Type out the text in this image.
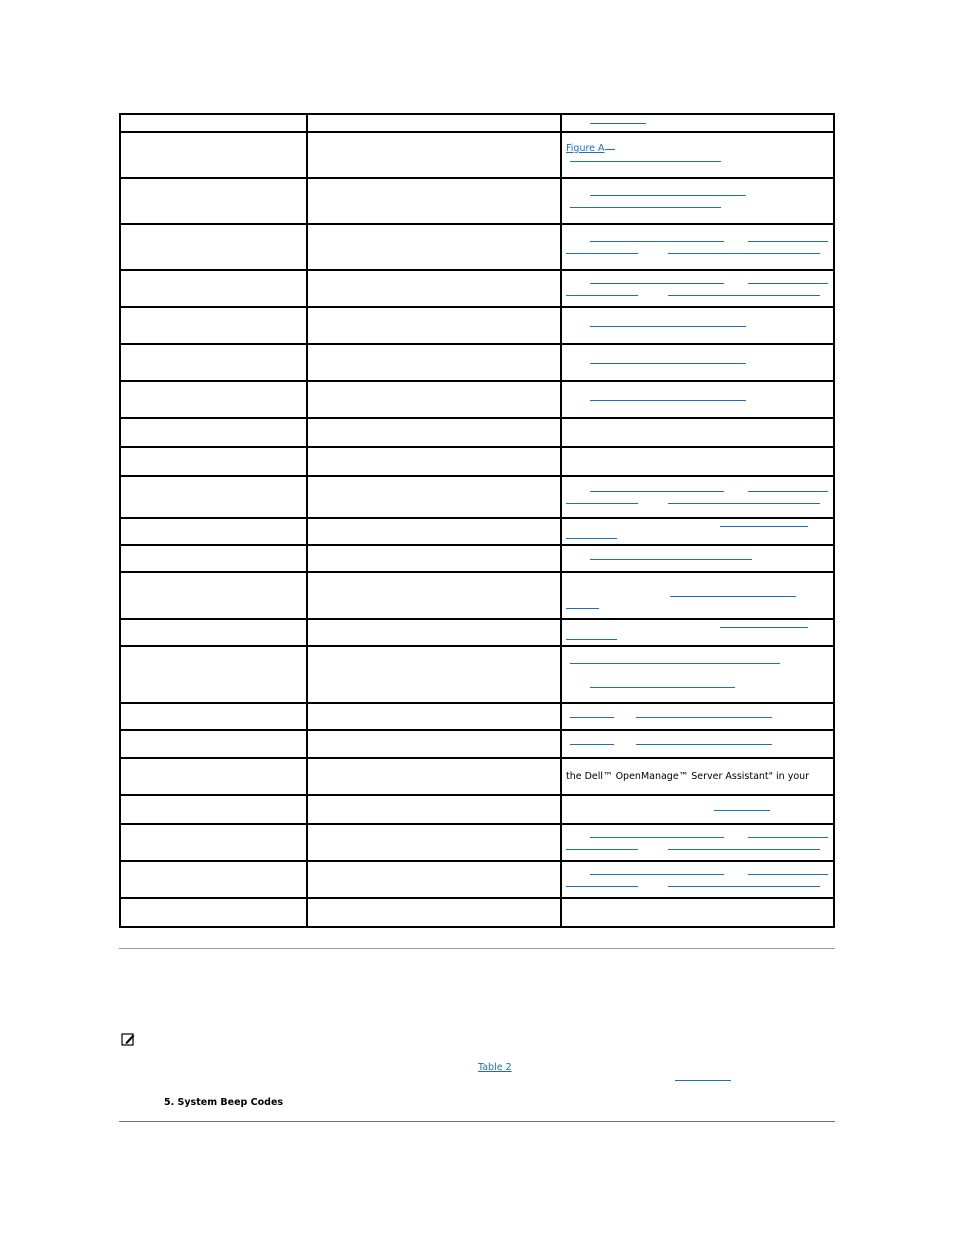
		Figure A

		the Dell™ OpenManage™ Server Assistant" in your

Table 2
5. System Beep Codes
